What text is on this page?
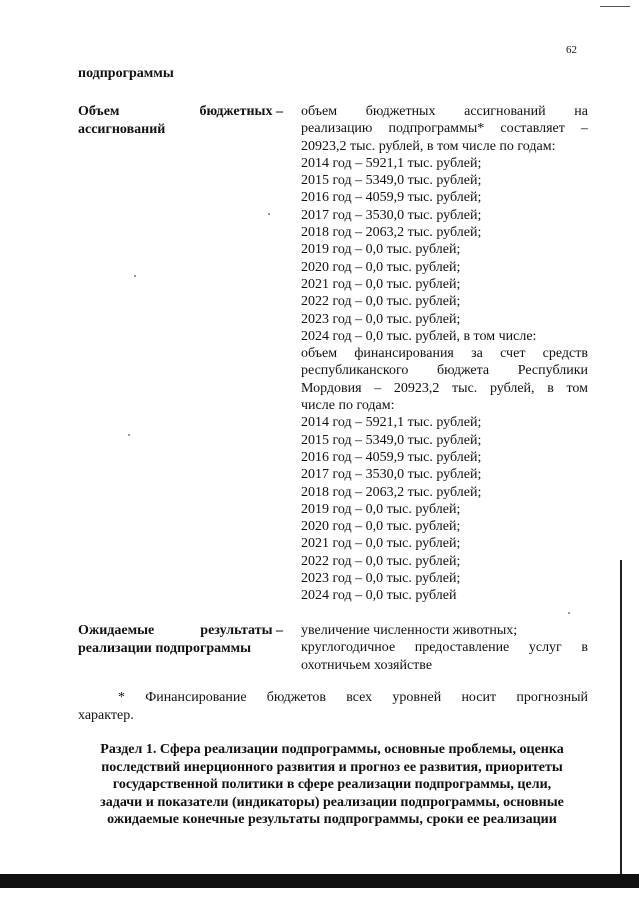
62
подпрограммы
Объем	бюджетных –
ассигнований
объем бюджетных ассигнований на
реализацию подпрограммы* составляет –
20923,2 тыс. рублей, в том числе по годам:
2014 год – 5921,1 тыс. рублей;
2015 год – 5349,0 тыс. рублей;
2016 год – 4059,9 тыс. рублей;
2017 год – 3530,0 тыс. рублей;
2018 год – 2063,2 тыс. рублей;
2019 год – 0,0 тыс. рублей;
2020 год – 0,0 тыс. рублей;
2021 год – 0,0 тыс. рублей;
2022 год – 0,0 тыс. рублей;
2023 год – 0,0 тыс. рублей;
2024 год – 0,0 тыс. рублей, в том числе:
объем финансирования за счет средств
республиканского бюджета Республики
Мордовия – 20923,2 тыс. рублей, в том
числе по годам:
2014 год – 5921,1 тыс. рублей;
2015 год – 5349,0 тыс. рублей;
2016 год – 4059,9 тыс. рублей;
2017 год – 3530,0 тыс. рублей;
2018 год – 2063,2 тыс. рублей;
2019 год – 0,0 тыс. рублей;
2020 год – 0,0 тыс. рублей;
2021 год – 0,0 тыс. рублей;
2022 год – 0,0 тыс. рублей;
2023 год – 0,0 тыс. рублей;
2024 год – 0,0 тыс. рублей
Ожидаемые	результаты –
реализации подпрограммы
увеличение численности животных;
круглогодичное предоставление услуг в
охотничьем хозяйстве
* Финансирование бюджетов всех уровней носит прогнозный
характер.
Раздел 1. Сфера реализации подпрограммы, основные проблемы, оценка
последствий инерционного развития и прогноз ее развития, приоритеты
государственной политики в сфере реализации подпрограммы, цели,
задачи и показатели (индикаторы) реализации подпрограммы, основные
ожидаемые конечные результаты подпрограммы, сроки ее реализации
